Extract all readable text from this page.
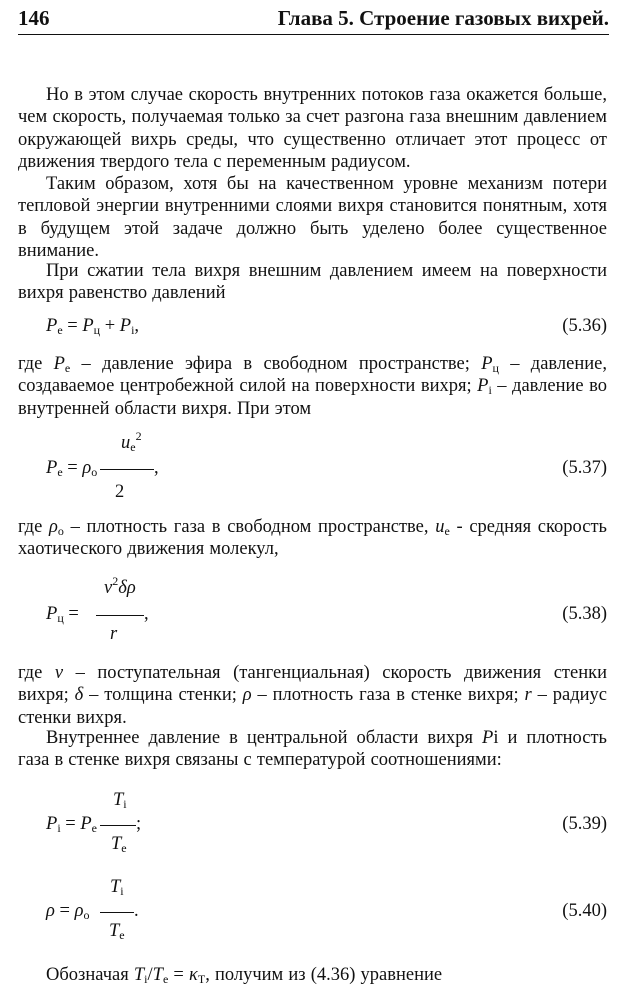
146	Глава 5. Строение газовых вихрей.

Но в этом случае скорость внутренних потоков газа окажется больше, чем скорость, получаемая только за счет разгона газа внешним давлением окружающей вихрь среды, что существенно отличает этот процесс от движения твердого тела с переменным радиусом.

Таким образом, хотя бы на качественном уровне механизм потери тепловой энергии внутренними слоями вихря становится понятным, хотя в будущем этой задаче должно быть уделено более существенное внимание.

При сжатии тела вихря внешним давлением имеем на поверхности вихря равенство давлений

$P_е = P_ц + P_i$,	(5.36)

где $P_е$ – давление эфира в свободном пространстве; $P_ц$ – давление, создаваемое центробежной силой на поверхности вихря; $P_i$ – давление во внутренней области вихря. При этом

$P_е = \rho_о$
$u_е^2$
,
2
(5.37)

где $\rho_о$ – плотность газа в свободном пространстве, $u_е$ - средняя скорость хаотического движения молекул,

$P_ц$ =
$v^2\delta\rho$
,
r
(5.38)

где v – поступательная (тангенциальная) скорость движения стенки вихря; δ – толщина стенки; ρ – плотность газа в стенке вихря; r – радиус стенки вихря.

Внутреннее давление в центральной области вихря Pi и плотность газа в стенке вихря связаны с температурой соотношениями:

$P_i = P_е$
$T_i$
;
$T_е$
(5.39)
$\rho = \rho_о$
$T_i$
.
$T_е$
(5.40)

Обозначая $T_i/T_е = \kappa_Т$, получим из (4.36) уравнение
